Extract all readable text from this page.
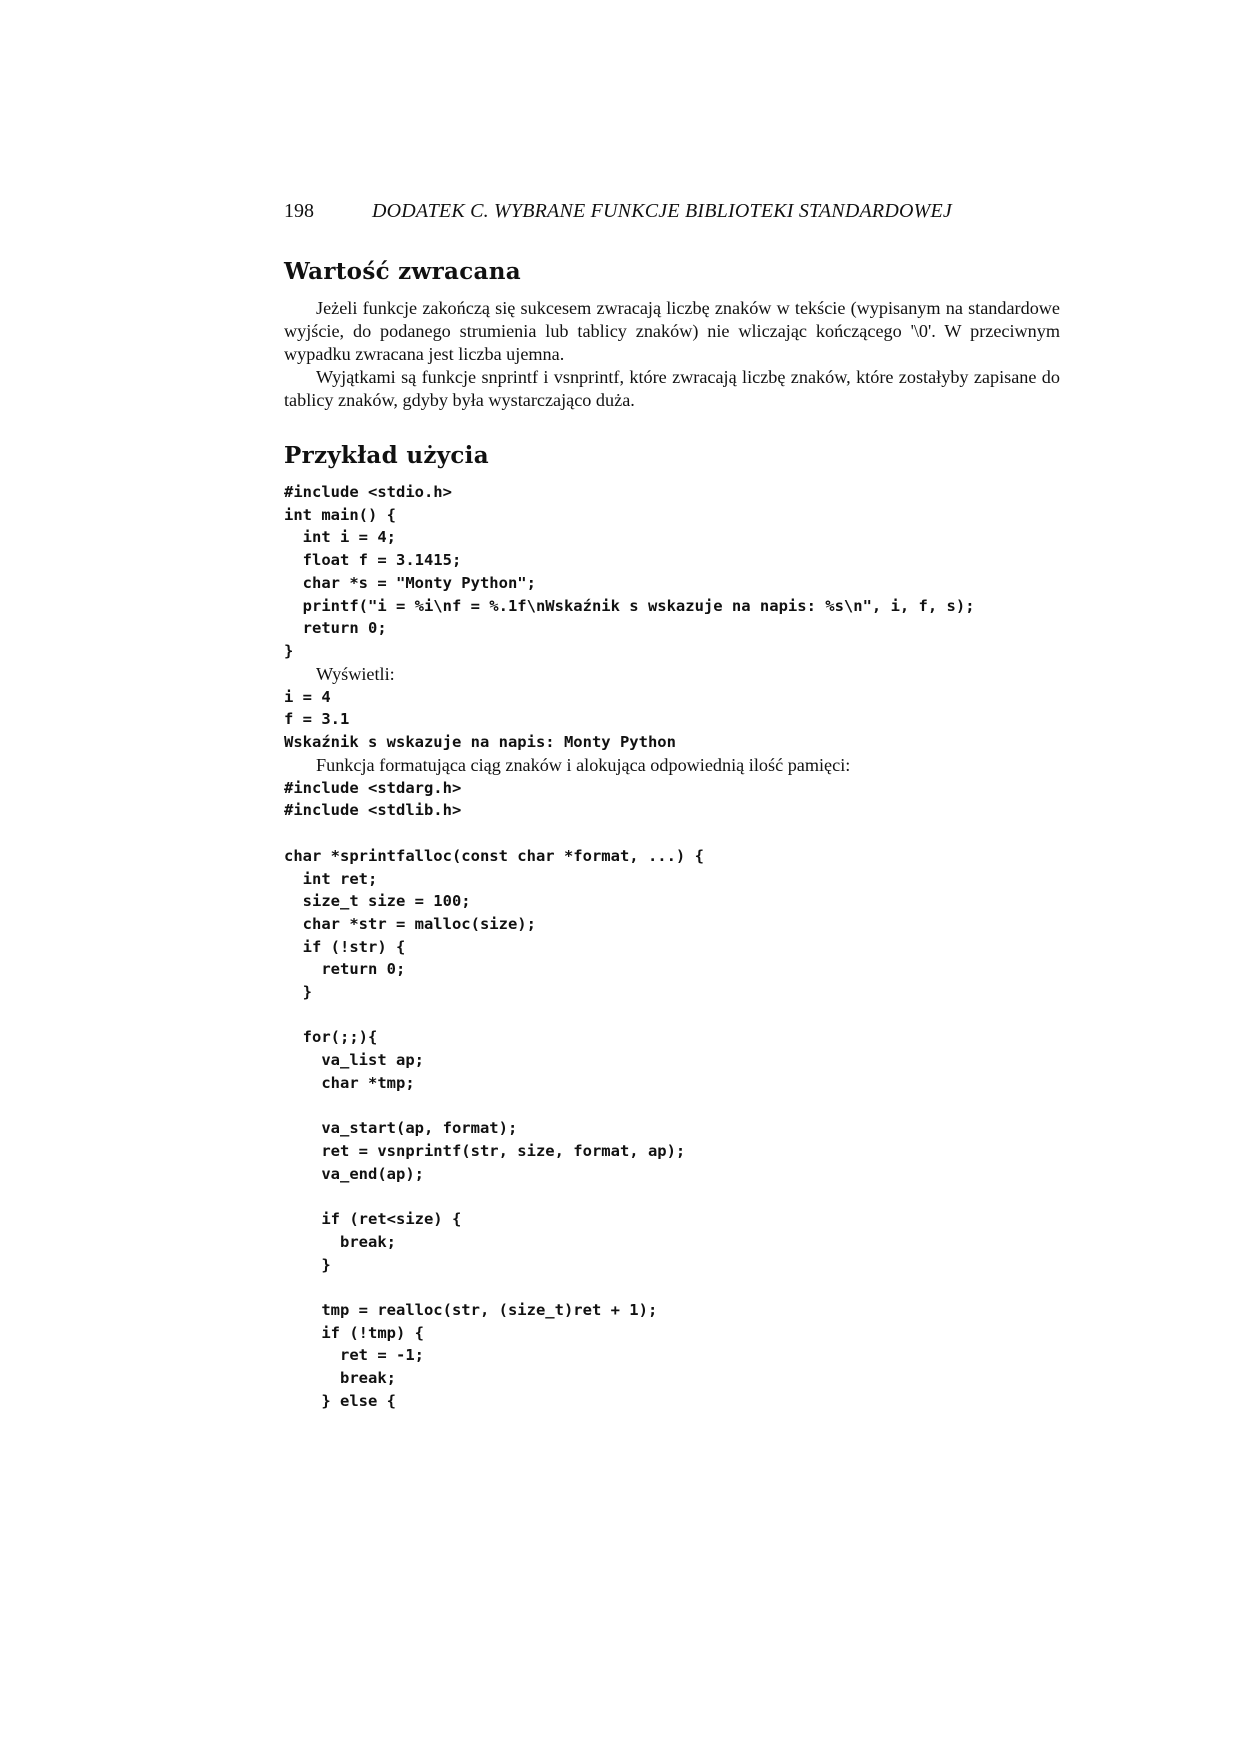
198	DODATEK C. WYBRANE FUNKCJE BIBLIOTEKI STANDARDOWEJ
Wartość zwracana

Jeżeli funkcje zakończą się sukcesem zwracają liczbę znaków w tekście (wypisanym na standardowe wyjście, do podanego strumienia lub tablicy znaków) nie wliczając kończącego '\0'. W przeciwnym wypadku zwracana jest liczba ujemna.

Wyjątkami są funkcje snprintf i vsnprintf, które zwracają liczbę znaków, które zostałyby zapisane do tablicy znaków, gdyby była wystarczająco duża.

Przykład użycia
#include <stdio.h>
int main() {
int i = 4;
float f = 3.1415;
char *s = "Monty Python";
printf("i = %i\nf = %.1f\nWskaźnik s wskazuje na napis: %s\n", i, f, s);
return 0;
}

Wyświetli:

i = 4
f = 3.1
Wskaźnik s wskazuje na napis: Monty Python

Funkcja formatująca ciąg znaków i alokująca odpowiednią ilość pamięci:

#include <stdarg.h>
#include <stdlib.h>

char *sprintfalloc(const char *format, ...) {
int ret;
size_t size = 100;
char *str = malloc(size);
if (!str) {
return 0;
}

for(;;){
va_list ap;
char *tmp;

va_start(ap, format);
ret = vsnprintf(str, size, format, ap);
va_end(ap);

if (ret<size) {
break;
}

tmp = realloc(str, (size_t)ret + 1);
if (!tmp) {
ret = -1;
break;
} else {
